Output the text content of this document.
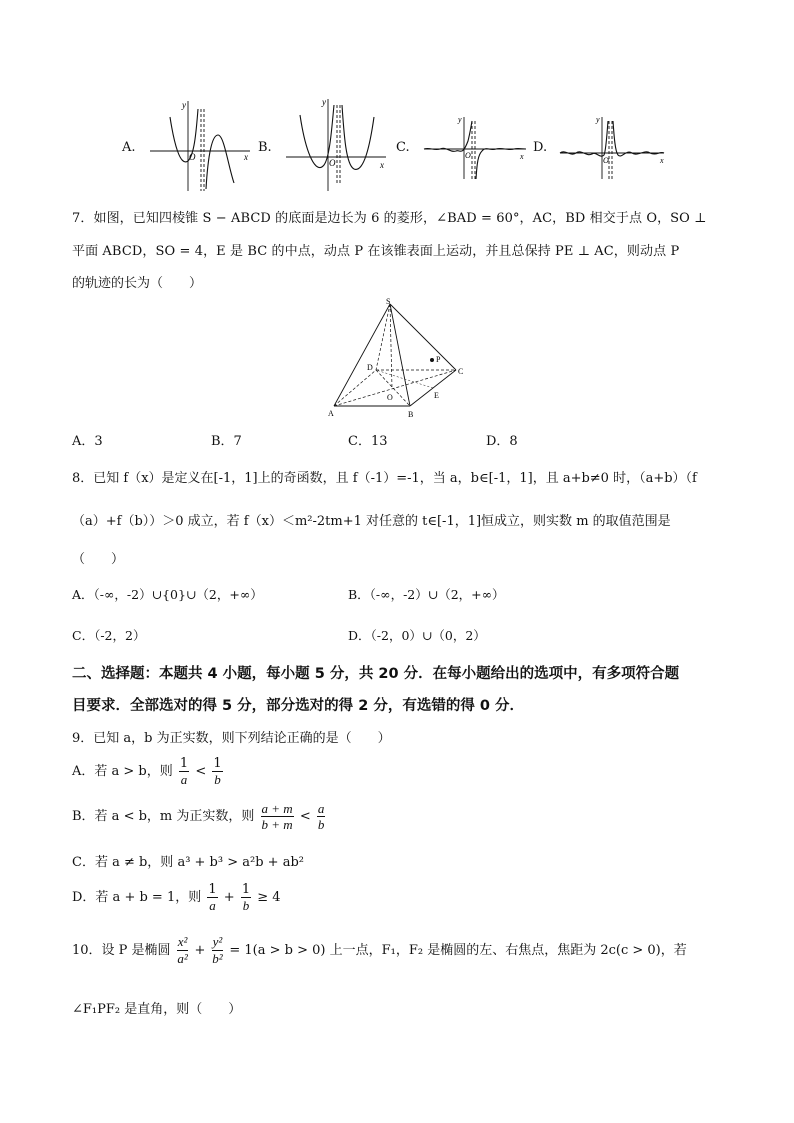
A.
y
x
O
B.
y
x
O
C.
y
x
O
D.
y
x
O
7．如图，已知四棱锥 S − ABCD 的底面是边长为 6 的菱形，∠BAD = 60°，AC，BD 相交于点 O，SO ⊥
平面 ABCD，SO = 4，E 是 BC 的中点，动点 P 在该锥表面上运动，并且总保持 PE ⊥ AC，则动点 P
的轨迹的长为（　　）
S
A	B
C
D
O	E
P
A．3	B．7	C．13	D．8
8．已知 f（x）是定义在[-1，1]上的奇函数，且 f（-1）=-1，当 a，b∈[-1，1]，且 a+b≠0 时，（a+b）（f
（a）+f（b））＞0 成立，若 f（x）＜m²-2tm+1 对任意的 t∈[-1，1]恒成立，则实数 m 的取值范围是
（　　）
A．（-∞，-2）∪{0}∪（2，+∞）	B．（-∞，-2）∪（2，+∞）
C．（-2，2）	D．（-2，0）∪（0，2）
二、选择题：本题共 4 小题，每小题 5 分，共 20 分．在每小题给出的选项中，有多项符合题
目要求．全部选对的得 5 分，部分选对的得 2 分，有选错的得 0 分．
9．已知 a，b 为正实数，则下列结论正确的是（　　）
A．若 a > b，则 $\frac{1}{a} < \frac{1}{b}$
B．若 a < b，m 为正实数，则 $\frac{a + m}{b + m} < \frac{a}{b}$
C．若 a ≠ b，则 a³ + b³ > a²b + ab²
D．若 a + b = 1，则 $\frac{1}{a} + \frac{1}{b} \ge 4$
10．设 P 是椭圆 $\frac{\text{x²}}{\text{a²}} + \frac{\text{y²}}{\text{b²}} = 1(a > b > 0)$ 上一点，F₁，F₂ 是椭圆的左、右焦点，焦距为 2c(c > 0)，若
∠F₁PF₂ 是直角，则（　　）
